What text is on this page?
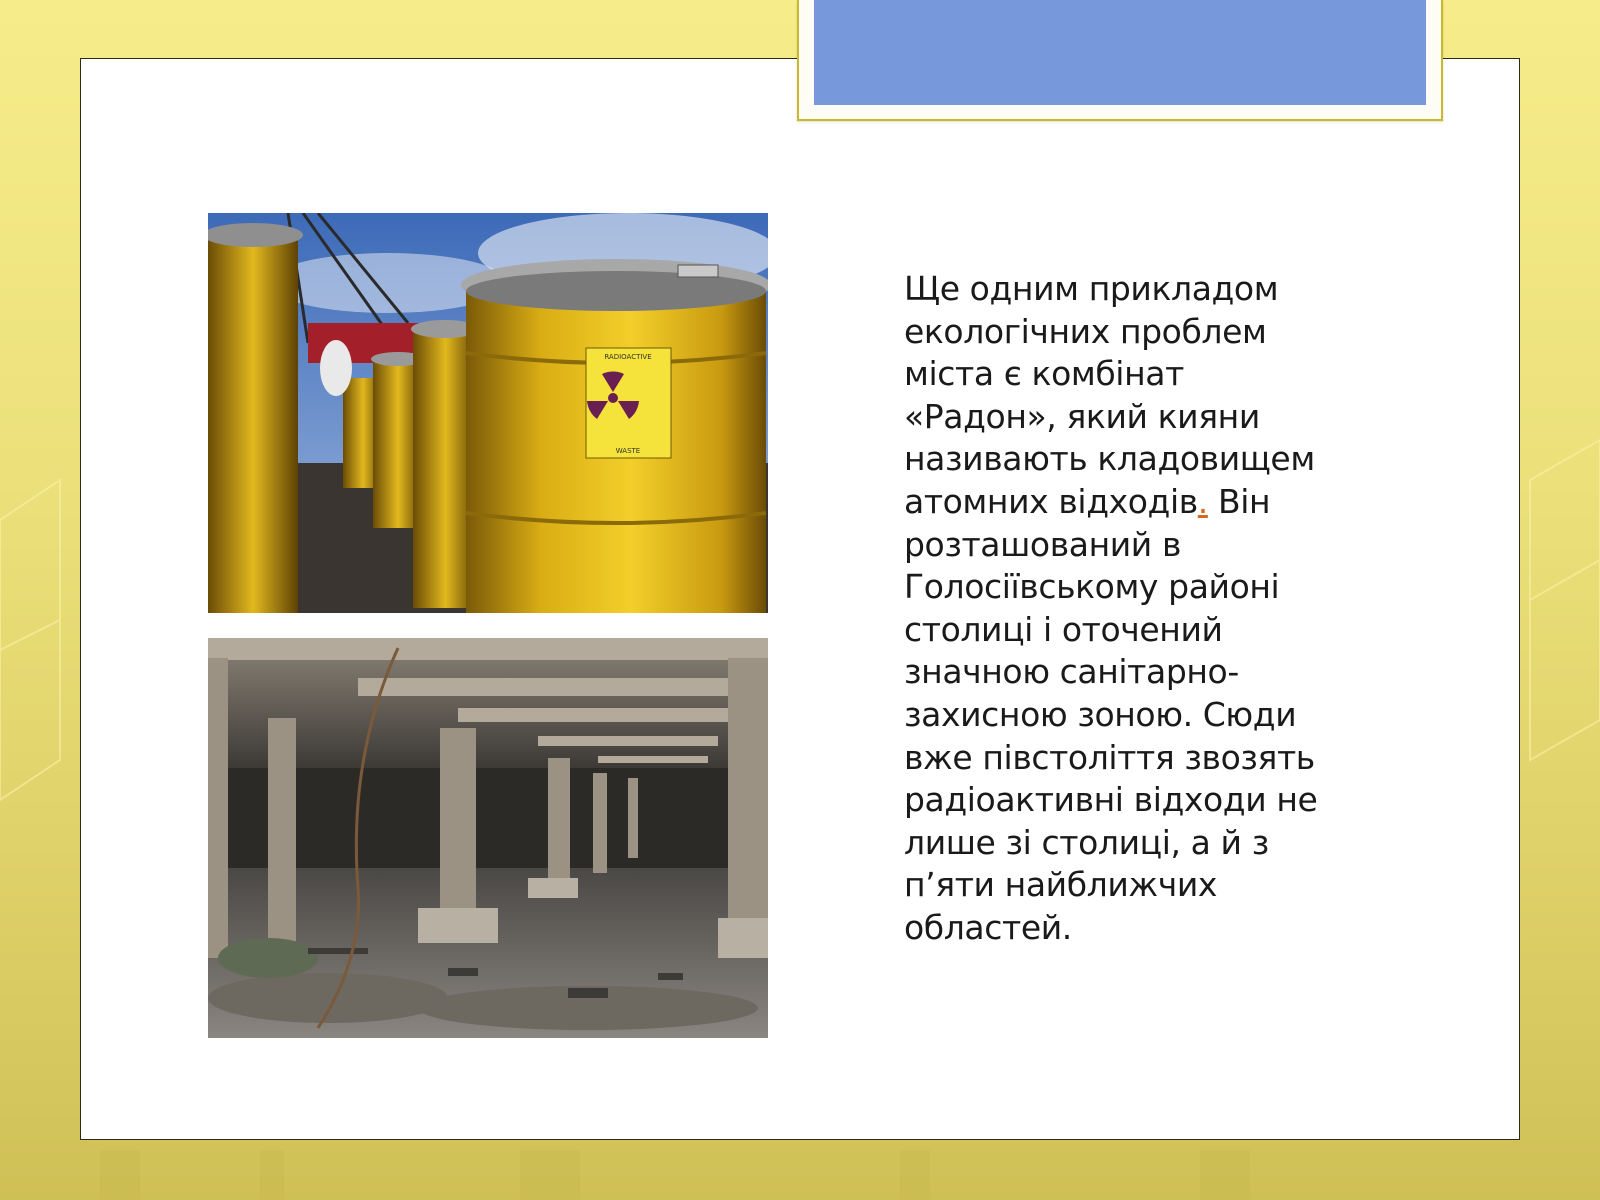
RADIOACTIVE
WASTE

Ще одним прикладом
екологічних проблем
міста є комбінат
«Радон», який кияни
називають кладовищем
атомних відходів. Він
розташований в
Голосіївському районі
столиці і оточений
значною санітарно-
захисною зоною. Сюди
вже півстоліття звозять
радіоактивні відходи не
лише зі столиці, а й з
п’яти найближчих
областей.
